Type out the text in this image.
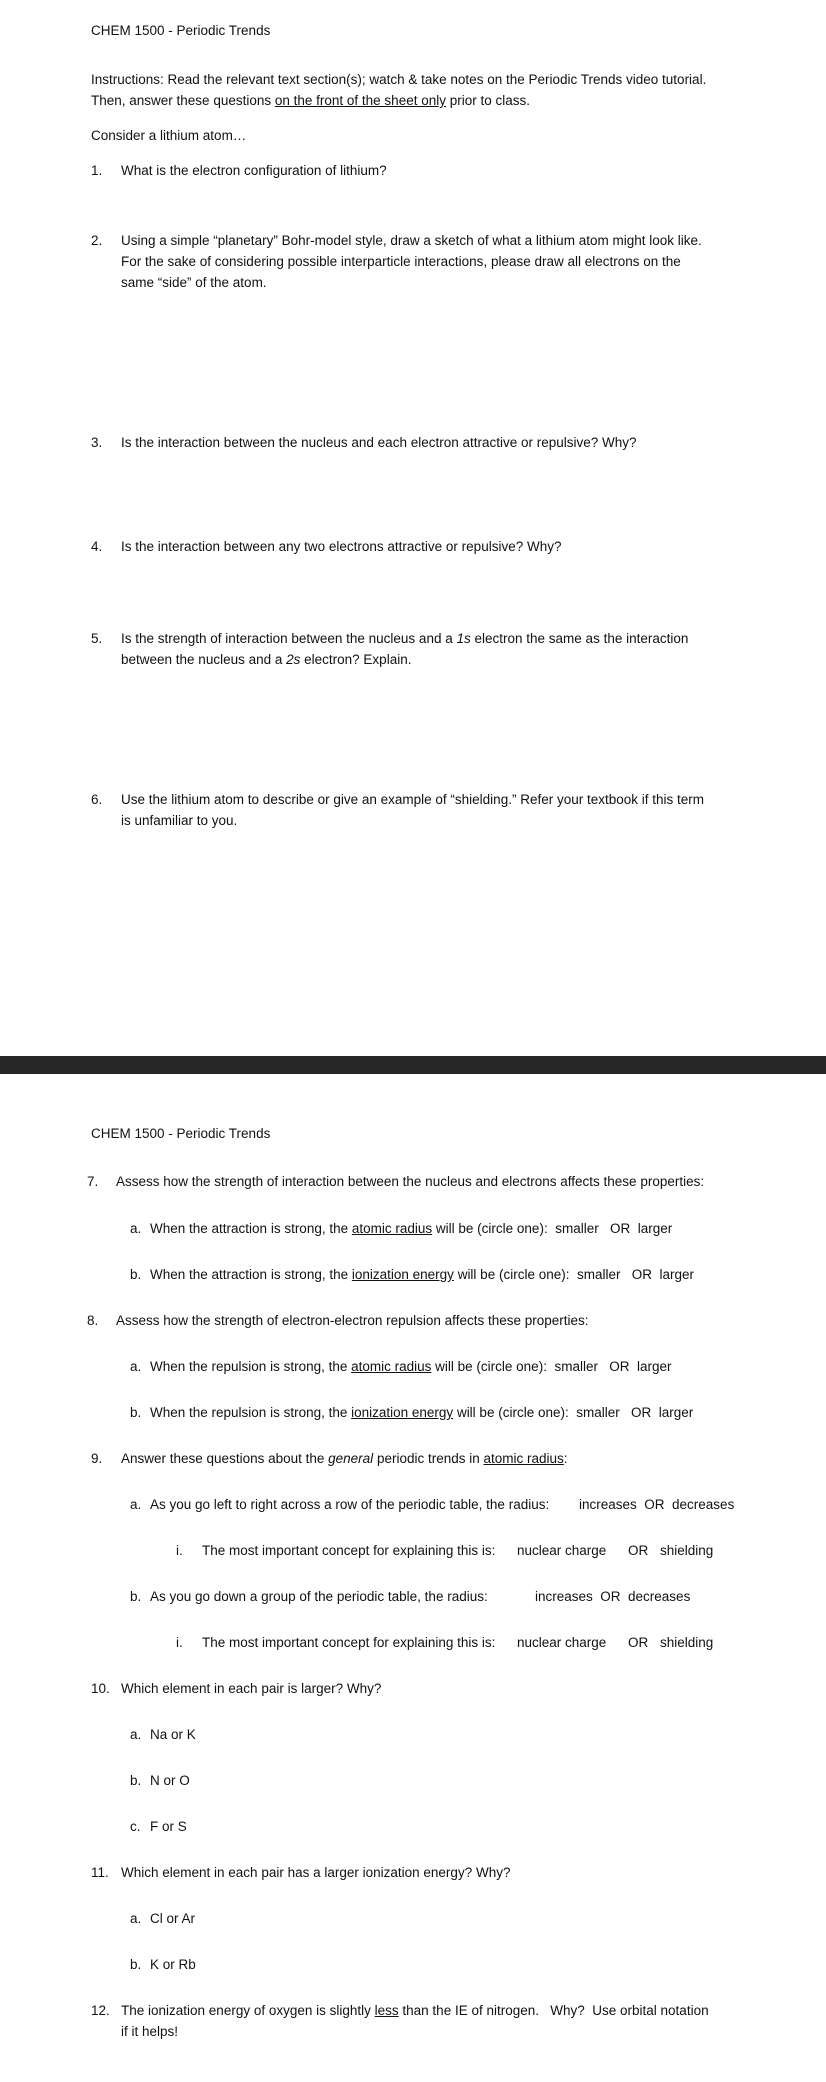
CHEM 1500 - Periodic Trends
Instructions: Read the relevant text section(s); watch & take notes on the Periodic Trends video tutorial.
Then, answer these questions on the front of the sheet only prior to class.
Consider a lithium atom…
1. What is the electron configuration of lithium?
2. Using a simple “planetary” Bohr-model style, draw a sketch of what a lithium atom might look like.
For the sake of considering possible interparticle interactions, please draw all electrons on the
same “side” of the atom.
3. Is the interaction between the nucleus and each electron attractive or repulsive? Why?
4. Is the interaction between any two electrons attractive or repulsive? Why?
5. Is the strength of interaction between the nucleus and a 1s electron the same as the interaction
between the nucleus and a 2s electron? Explain.
6. Use the lithium atom to describe or give an example of “shielding.” Refer your textbook if this term
is unfamiliar to you.
CHEM 1500 - Periodic Trends
7. Assess how the strength of interaction between the nucleus and electrons affects these properties:
a. When the attraction is strong, the atomic radius will be (circle one):  smaller   OR  larger
b. When the attraction is strong, the ionization energy will be (circle one):  smaller   OR  larger
8. Assess how the strength of electron-electron repulsion affects these properties:
a. When the repulsion is strong, the atomic radius will be (circle one):  smaller   OR  larger
b. When the repulsion is strong, the ionization energy will be (circle one):  smaller   OR  larger
9. Answer these questions about the general periodic trends in atomic radius:
a. As you go left to right across a row of the periodic table, the radius: increases  OR  decreases
i. The most important concept for explaining this is: nuclear charge OR shielding
b. As you go down a group of the periodic table, the radius:	increases  OR  decreases
i. The most important concept for explaining this is: nuclear charge OR shielding
10. Which element in each pair is larger? Why?
a. Na or K
b. N or O
c. F or S
11. Which element in each pair has a larger ionization energy? Why?
a. Cl or Ar
b. K or Rb
12. The ionization energy of oxygen is slightly less than the IE of nitrogen.   Why?  Use orbital notation
if it helps!
